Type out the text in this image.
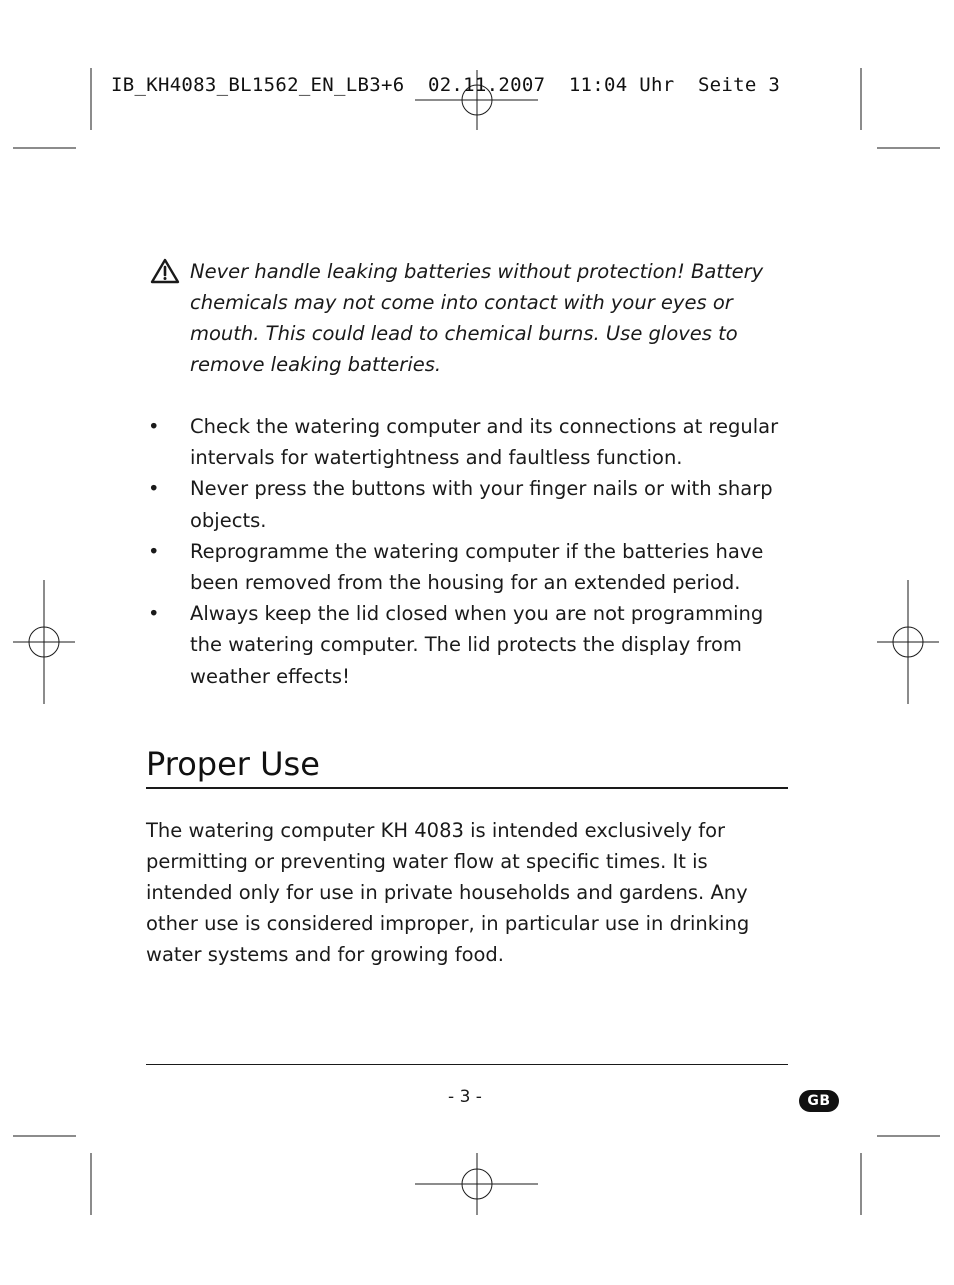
IB_KH4083_BL1562_EN_LB3+6  02.11.2007  11:04 Uhr  Seite 3
Never handle leaking batteries without protection! Battery chemicals may not come into contact with your eyes or mouth. This could lead to chemical burns. Use gloves to remove leaking batteries.
• Check the watering computer and its connections at regular intervals for watertightness and faultless function.
• Never press the buttons with your finger nails or with sharp objects.
• Reprogramme the watering computer if the batteries have been removed from the housing for an extended period.
• Always keep the lid closed when you are not programming the watering computer. The lid protects the display from weather effects!
Proper Use

The watering computer KH 4083 is intended exclusively for permitting or preventing water flow at specific times. It is intended only for use in private households and gardens. Any other use is considered improper, in particular use in drinking water systems and for growing food.

- 3 -	GB
